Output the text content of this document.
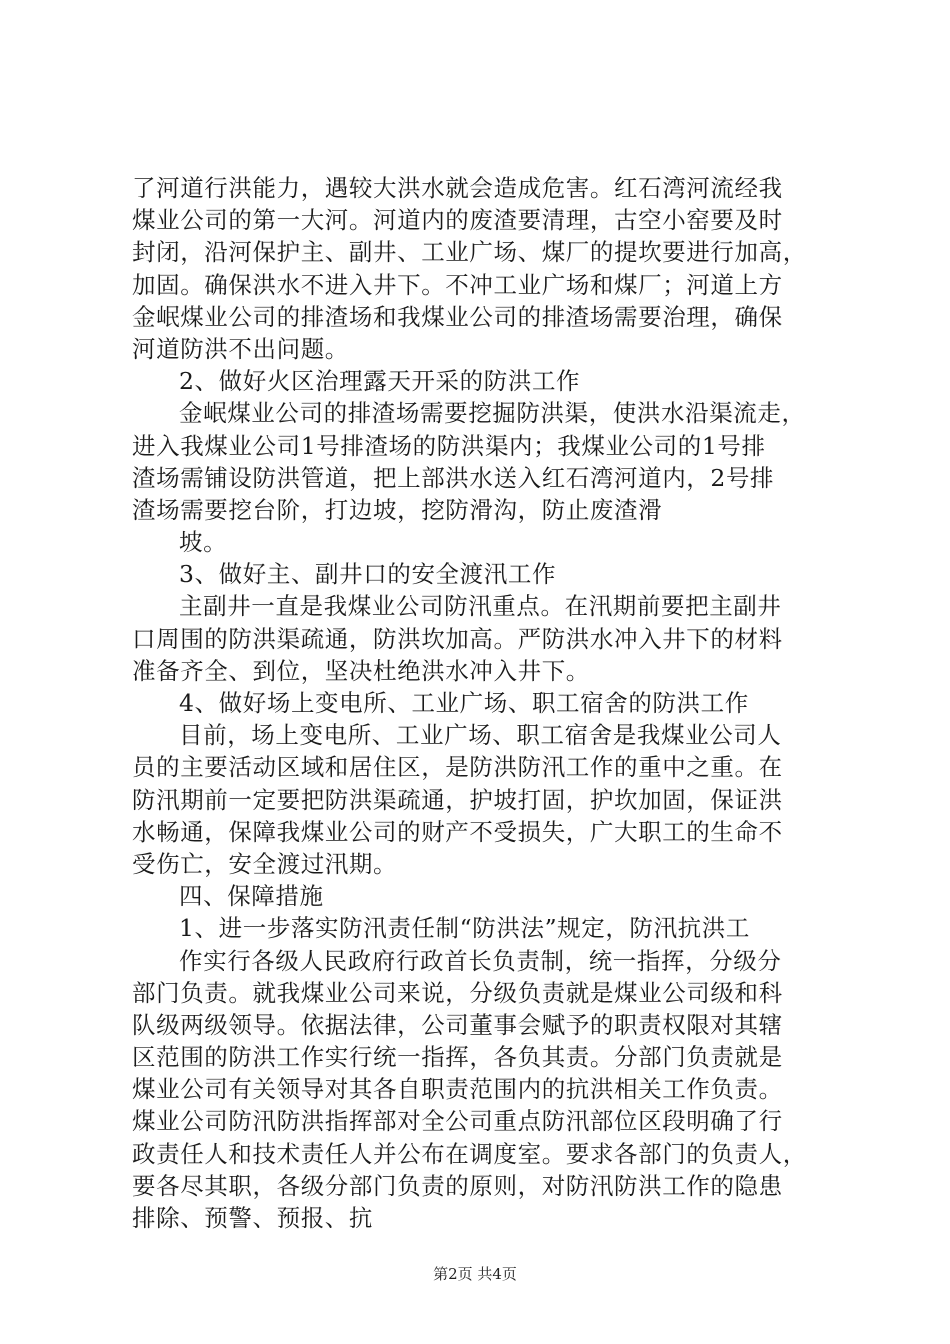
了河道行洪能力，遇较大洪水就会造成危害。红石湾河流经我
煤业公司的第一大河。河道内的废渣要清理，古空小窑要及时
封闭，沿河保护主、副井、工业广场、煤厂的提坎要进行加高，
加固。确保洪水不进入井下。不冲工业广场和煤厂；河道上方
金岷煤业公司的排渣场和我煤业公司的排渣场需要治理，确保
河道防洪不出问题。
2、做好火区治理露天开采的防洪工作
金岷煤业公司的排渣场需要挖掘防洪渠，使洪水沿渠流走，
进入我煤业公司1号排渣场的防洪渠内；我煤业公司的1号排
渣场需铺设防洪管道，把上部洪水送入红石湾河道内，2号排
渣场需要挖台阶，打边坡，挖防滑沟，防止废渣滑
坡。
3、做好主、副井口的安全渡汛工作
主副井一直是我煤业公司防汛重点。在汛期前要把主副井
口周围的防洪渠疏通，防洪坎加高。严防洪水冲入井下的材料
准备齐全、到位，坚决杜绝洪水冲入井下。
4、做好场上变电所、工业广场、职工宿舍的防洪工作
目前，场上变电所、工业广场、职工宿舍是我煤业公司人
员的主要活动区域和居住区，是防洪防汛工作的重中之重。在
防汛期前一定要把防洪渠疏通，护坡打固，护坎加固，保证洪
水畅通，保障我煤业公司的财产不受损失，广大职工的生命不
受伤亡，安全渡过汛期。
四、保障措施
1、进一步落实防汛责任制“防洪法”规定，防汛抗洪工
作实行各级人民政府行政首长负责制，统一指挥，分级分
部门负责。就我煤业公司来说，分级负责就是煤业公司级和科
队级两级领导。依据法律，公司董事会赋予的职责权限对其辖
区范围的防洪工作实行统一指挥，各负其责。分部门负责就是
煤业公司有关领导对其各自职责范围内的抗洪相关工作负责。
煤业公司防汛防洪指挥部对全公司重点防汛部位区段明确了行
政责任人和技术责任人并公布在调度室。要求各部门的负责人，
要各尽其职，各级分部门负责的原则，对防汛防洪工作的隐患
排除、预警、预报、抗
第2页 共4页
